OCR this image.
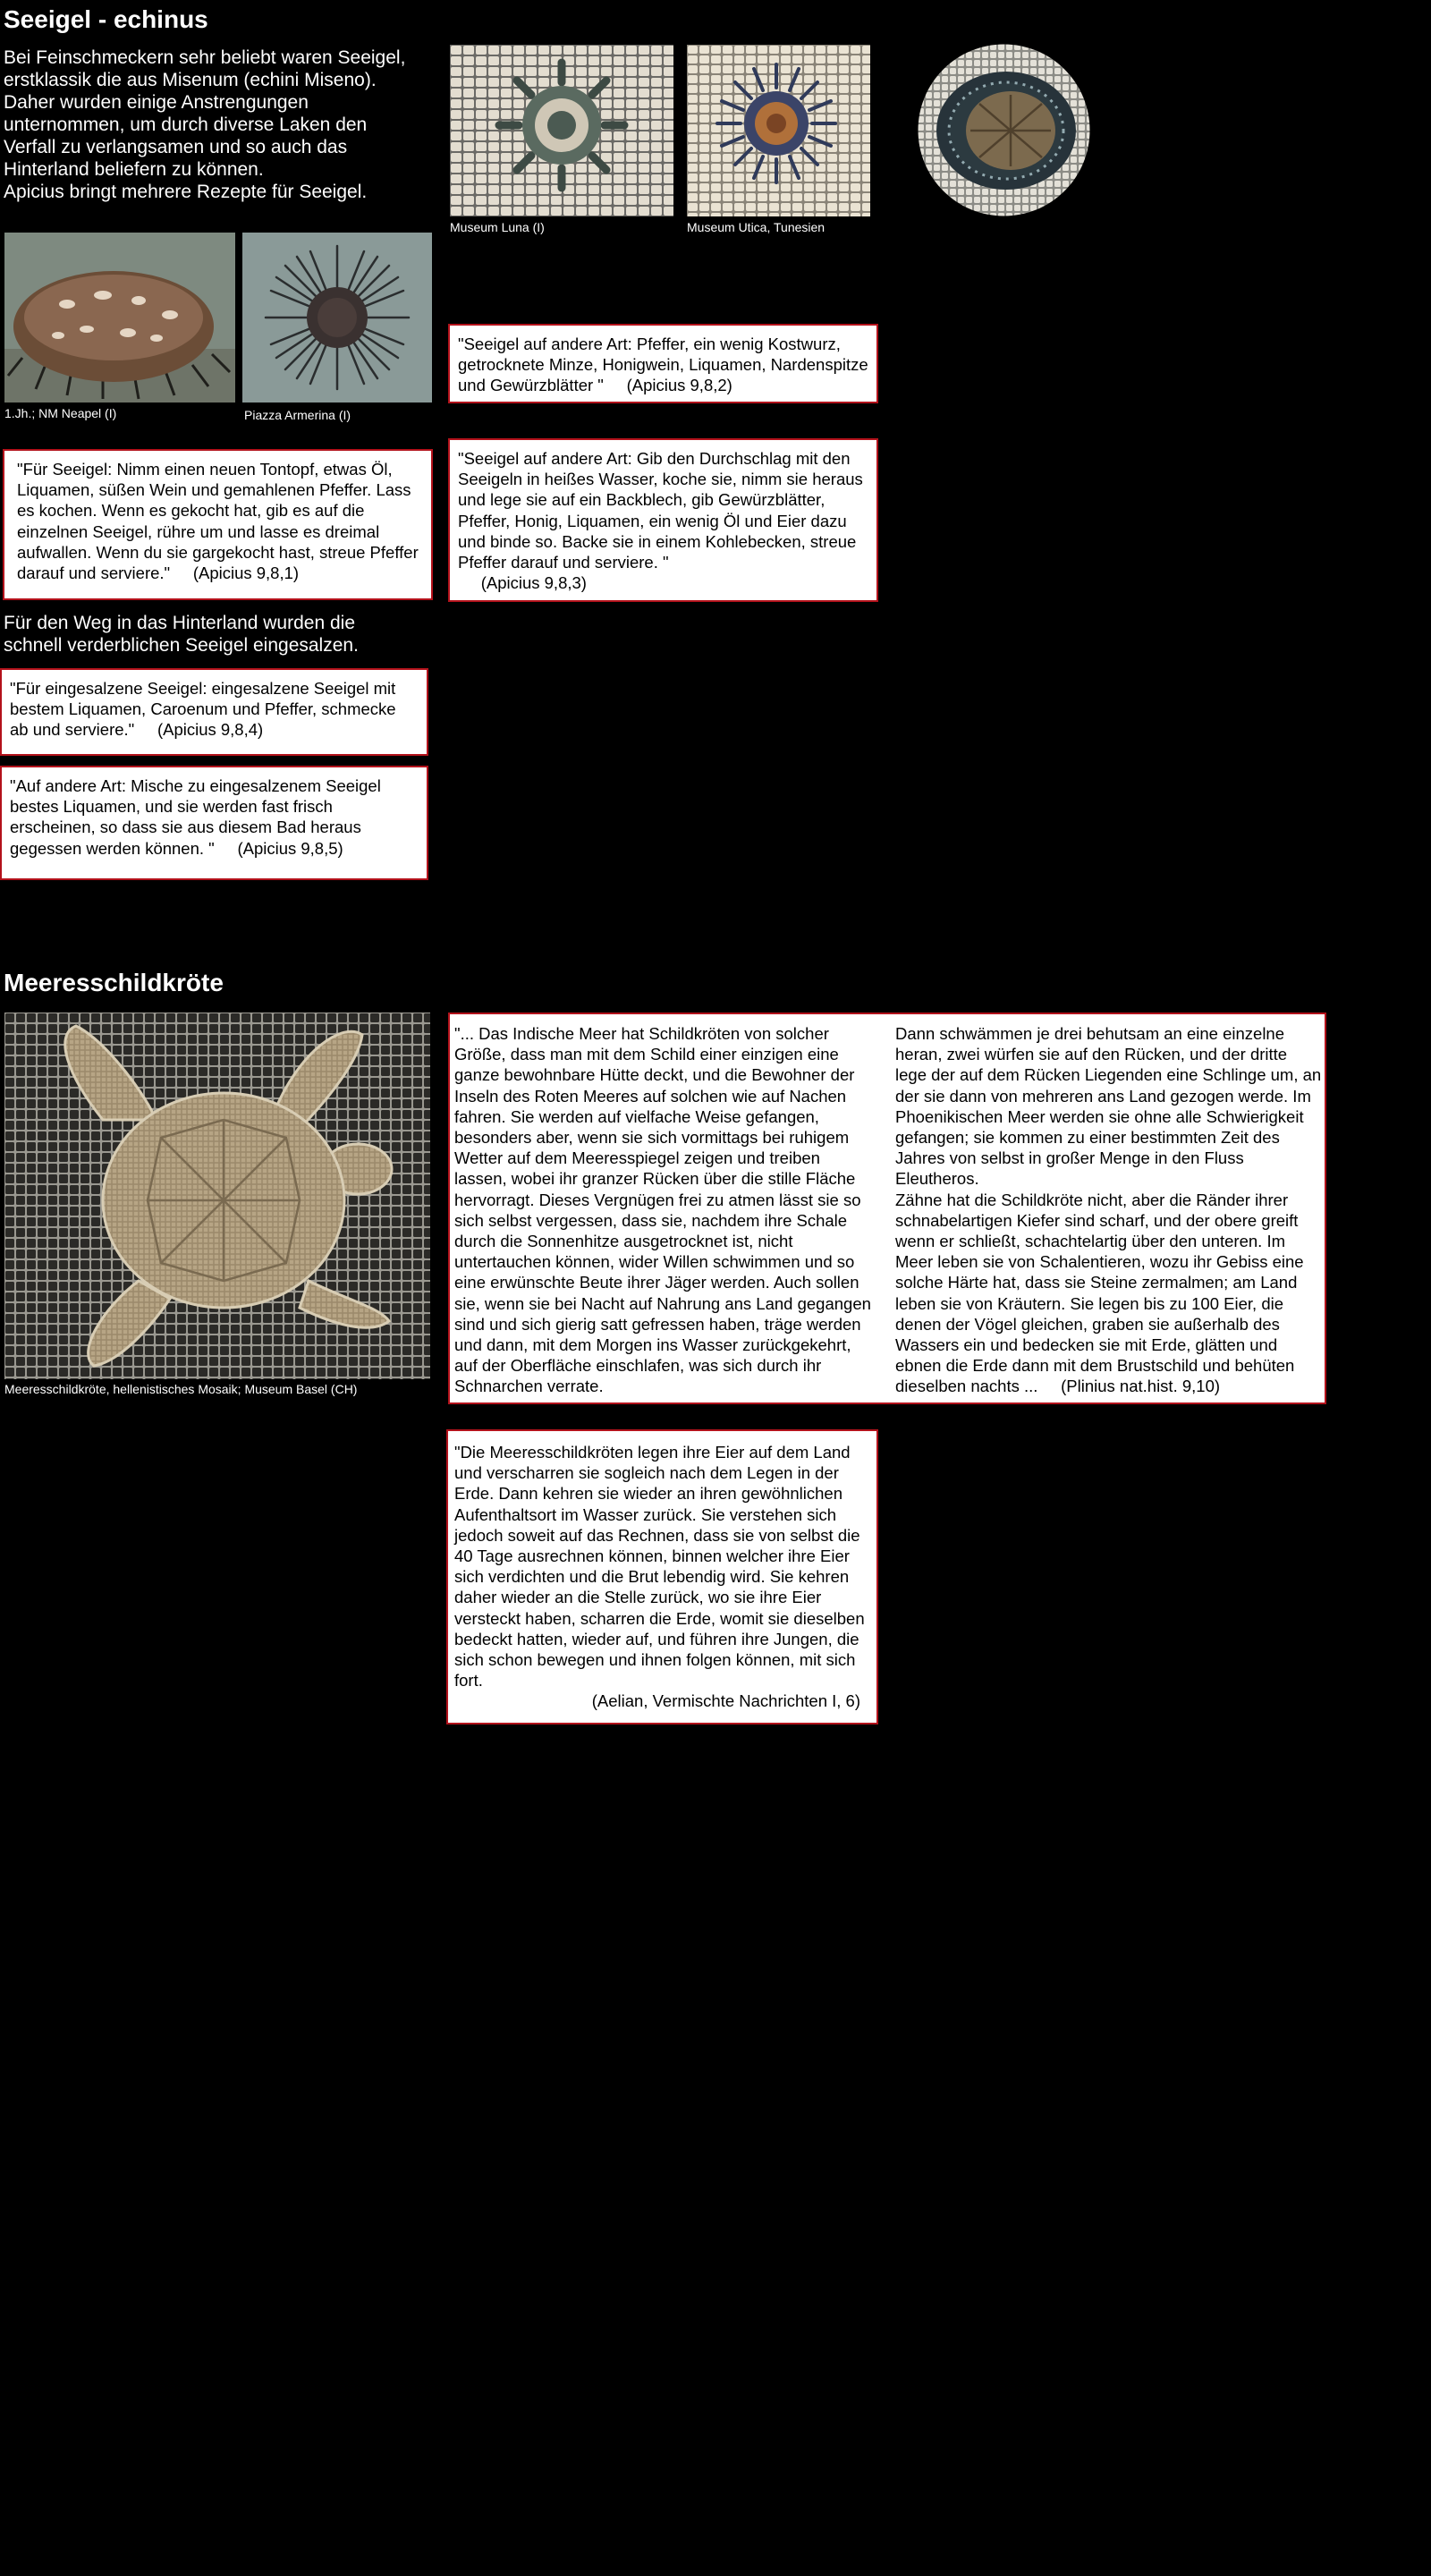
Seeigel - echinus
Bei Feinschmeckern sehr beliebt waren Seeigel,
erstklassik die aus Misenum (echini Miseno).
Daher wurden einige Anstrengungen
unternommen, um durch diverse Laken den
Verfall zu verlangsamen und so auch das
Hinterland beliefern zu können.
Apicius bringt mehrere Rezepte für Seeigel.
Museum Luna (I)	Museum Utica, Tunesien
1.Jh.; NM Neapel (I)	Piazza Armerina (I)
"Seeigel auf andere Art: Pfeffer, ein wenig Kostwurz, getrocknete Minze, Honigwein, Liquamen, Nardenspitze und Gewürzblätter " (Apicius 9,8,2)
"Seeigel auf andere Art: Gib den Durchschlag mit den Seeigeln in heißes Wasser, koche sie, nimm sie heraus und lege sie auf ein Backblech, gib Gewürzblätter, Pfeffer, Honig, Liquamen, ein wenig Öl und Eier dazu und binde so. Backe sie in einem Kohlebecken, streue Pfeffer darauf und serviere. "
(Apicius 9,8,3)
"Für Seeigel: Nimm einen neuen Tontopf, etwas Öl, Liquamen, süßen Wein und gemahlenen Pfeffer. Lass es kochen. Wenn es gekocht hat, gib es auf die einzelnen Seeigel, rühre um und lasse es dreimal aufwallen. Wenn du sie gargekocht hast, streue Pfeffer darauf und serviere." (Apicius 9,8,1)
Für den Weg in das Hinterland wurden die
schnell verderblichen Seeigel eingesalzen.
"Für eingesalzene Seeigel: eingesalzene Seeigel mit bestem Liquamen, Caroenum und Pfeffer, schmecke ab und serviere." (Apicius 9,8,4)
"Auf andere Art: Mische zu eingesalzenem Seeigel bestes Liquamen, und sie werden fast frisch erscheinen, so dass sie aus diesem Bad heraus gegessen werden können. " (Apicius 9,8,5)
Meeresschildkröte
Meeresschildkröte, hellenistisches Mosaik; Museum Basel (CH)
"... Das Indische Meer hat Schildkröten von solcher Größe, dass man mit dem Schild einer einzigen eine ganze bewohnbare Hütte deckt, und die Bewohner der Inseln des Roten Meeres auf solchen wie auf Nachen fahren. Sie werden auf vielfache Weise gefangen, besonders aber, wenn sie sich vormittags bei ruhigem Wetter auf dem Meeresspiegel zeigen und treiben lassen, wobei ihr granzer Rücken über die stille Fläche hervorragt. Dieses Vergnügen frei zu atmen lässt sie so sich selbst vergessen, dass sie, nachdem ihre Schale durch die Sonnenhitze ausgetrocknet ist, nicht untertauchen können, wider Willen schwimmen und so eine erwünschte Beute ihrer Jäger werden. Auch sollen sie, wenn sie bei Nacht auf Nahrung ans Land gegangen sind und sich gierig satt gefressen haben, träge werden und dann, mit dem Morgen ins Wasser zurückgekehrt, auf der Oberfläche einschlafen, was sich durch ihr Schnarchen verrate.
Dann schwämmen je drei behutsam an eine einzelne heran, zwei würfen sie auf den Rücken, und der dritte lege der auf dem Rücken Liegenden eine Schlinge um, an der sie dann von mehreren ans Land gezogen werde. Im Phoenikischen Meer werden sie ohne alle Schwierigkeit gefangen; sie kommen zu einer bestimmten Zeit des Jahres von selbst in großer Menge in den Fluss Eleutheros.
Zähne hat die Schildkröte nicht, aber die Ränder ihrer schnabelartigen Kiefer sind scharf, und der obere greift wenn er schließt, schachtelartig über den unteren. Im Meer leben sie von Schalentieren, wozu ihr Gebiss eine solche Härte hat, dass sie Steine zermalmen; am Land leben sie von Kräutern. Sie legen bis zu 100 Eier, die denen der Vögel gleichen, graben sie außerhalb des Wassers ein und bedecken sie mit Erde, glätten und ebnen die Erde dann mit dem Brustschild und behüten dieselben nachts ... (Plinius nat.hist. 9,10)
"Die Meeresschildkröten legen ihre Eier auf dem Land und verscharren sie sogleich nach dem Legen in der Erde. Dann kehren sie wieder an ihren gewöhnlichen Aufenthaltsort im Wasser zurück. Sie verstehen sich jedoch soweit auf das Rechnen, dass sie von selbst die 40 Tage ausrechnen können, binnen welcher ihre Eier sich verdichten und die Brut lebendig wird. Sie kehren daher wieder an die Stelle zurück, wo sie ihre Eier versteckt haben, scharren die Erde, womit sie dieselben bedeckt hatten, wieder auf, und führen ihre Jungen, die sich schon bewegen und ihnen folgen können, mit sich fort.
(Aelian, Vermischte Nachrichten I, 6)
